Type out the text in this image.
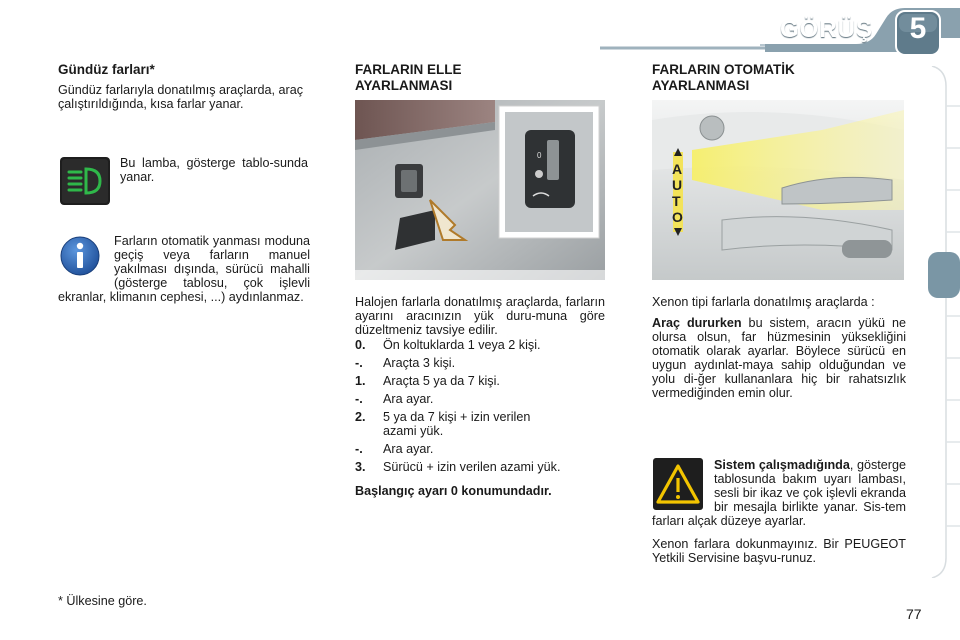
GÖRÜŞ	5
Gündüz farları*

Gündüz farlarıyla donatılmış araçlarda, araç çalıştırıldığında, kısa farlar yanar.

Bu lamba, gösterge tablo-sunda yanar.

Farların otomatik yanması moduna geçiş veya farların manuel yakılması dışında, sürücü mahalli (gösterge tablosu, çok işlevli ekranlar, klimanın cephesi, ...) aydınlanmaz.

* Ülkesine göre.

FARLARIN ELLE
AYARLANMASI
0

Halojen farlarla donatılmış araçlarda, farların ayarını aracınızın yük duru-muna göre düzeltmeniz tavsiye edilir.

0.	Ön koltuklarda 1 veya 2 kişi.
-.	Araçta 3 kişi.
1.	Araçta 5 ya da 7 kişi.
-.	Ara ayar.
2.	5 ya da 7 kişi + izin verilen azami yük.
-.	Ara ayar.
3.	Sürücü + izin verilen azami yük.

Başlangıç ayarı 0 konumundadır.

FARLARIN OTOMATİK
AYARLANMASI
A U T O

Xenon tipi farlarla donatılmış araçlarda :

Araç dururken bu sistem, aracın yükü ne olursa olsun, far hüzmesinin yüksekliğini otomatik olarak ayarlar. Böylece sürücü en uygun aydınlat-maya sahip olduğundan ve yolu di-ğer kullananlara hiç bir rahatsızlık vermediğinden emin olur.

Sistem çalışmadığında, gösterge tablosunda bakım uyarı lambası, sesli bir ikaz ve çok işlevli ekranda bir mesajla birlikte yanar. Sis-tem farları alçak düzeye ayarlar.

Xenon farlara dokunmayınız. Bir PEUGEOT Yetkili Servisine başvu-runuz.

77
